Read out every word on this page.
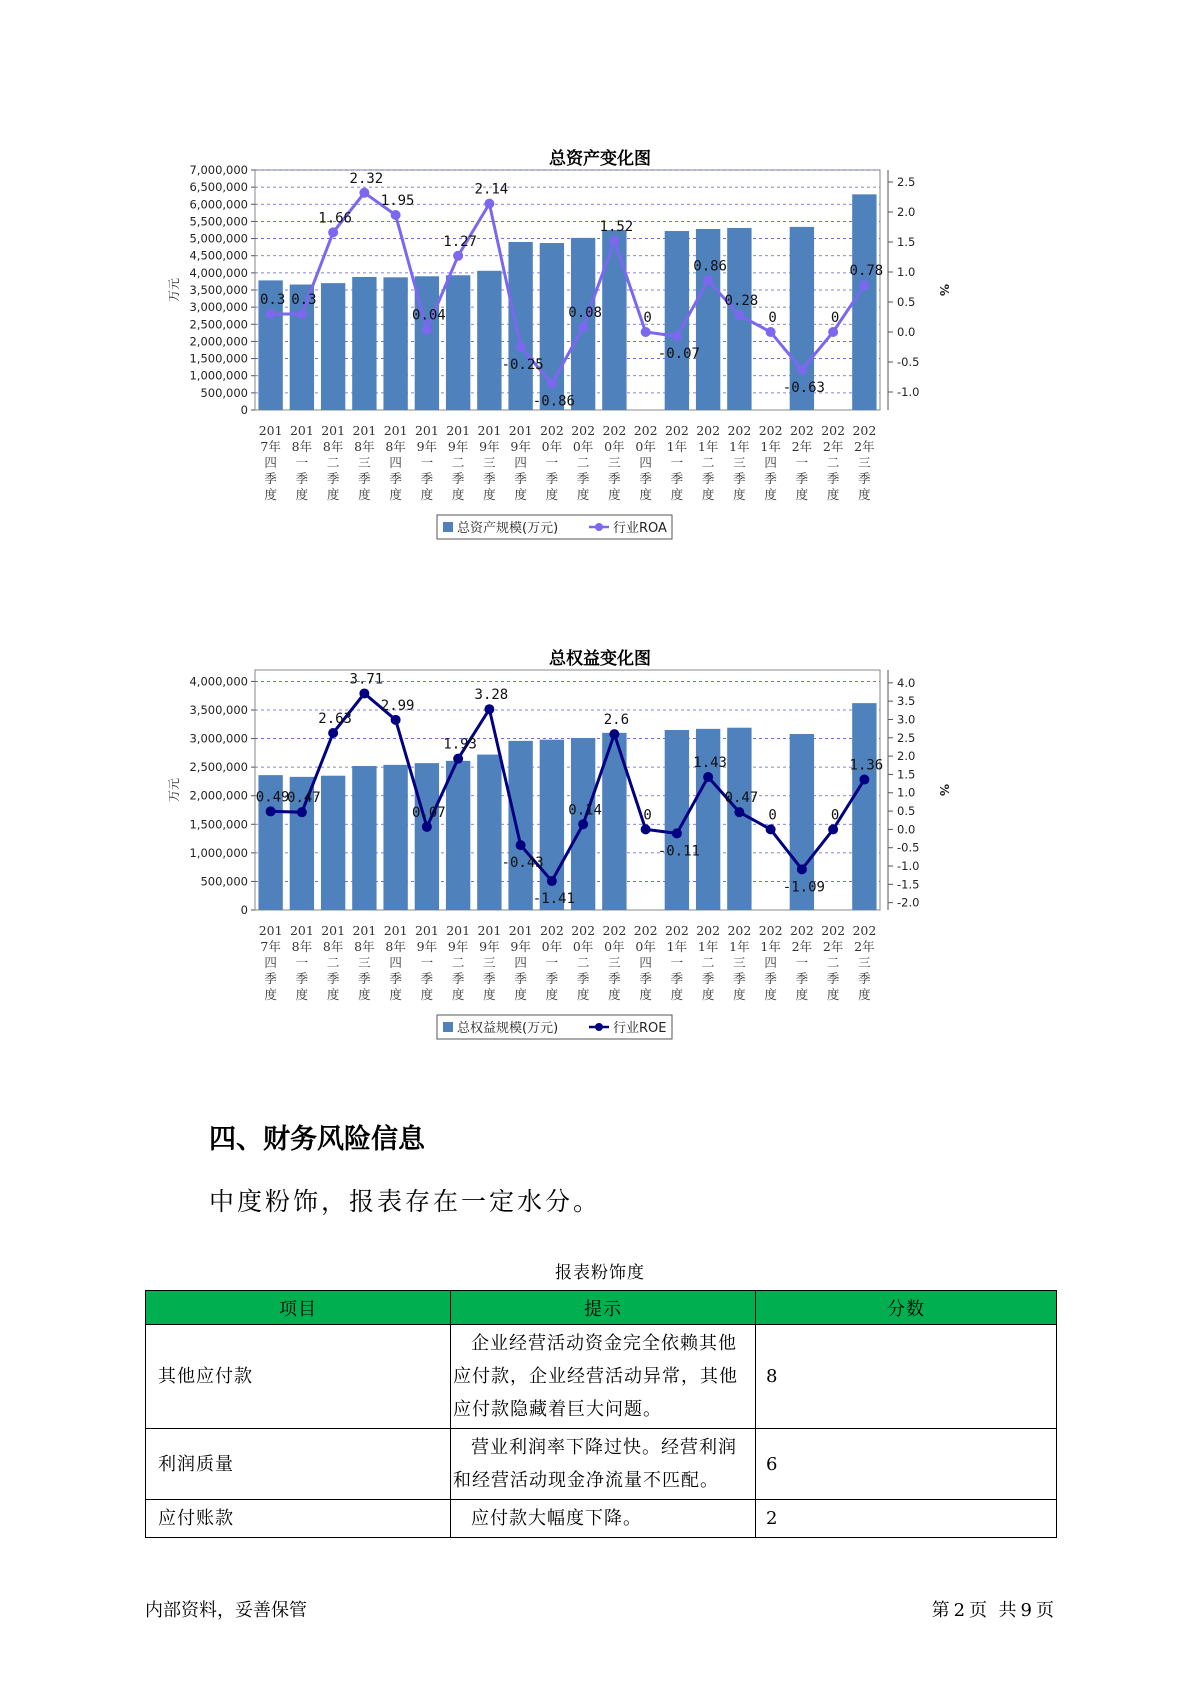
总资产变化图
0
500,000
1,000,000
1,500,000
2,000,000
2,500,000
3,000,000
3,500,000
4,000,000
4,500,000
5,000,000
5,500,000
6,000,000
6,500,000
7,000,000
万元
-1.0
-0.5
0.0
0.5
1.0
1.5
2.0
2.5
%
0.3 0.3
1.66
2.32
1.95
0.04
1.27
2.14
-0.25
-0.86
0.08
1.52
0
-0.07
0.86
0.28
0
-0.63
0
0.78
201
7年
四
季
度
201
8年
一
季
度
201
8年
二
季
度
201
8年
三
季
度
201
8年
四
季
度
201
9年
一
季
度
201
9年
二
季
度
201
9年
三
季
度
201
9年
四
季
度
202
0年
一
季
度
202
0年
二
季
度
202
0年
三
季
度
202
0年
四
季
度
202
1年
一
季
度
202
1年
二
季
度
202
1年
三
季
度
202
1年
四
季
度
202
2年
一
季
度
202
2年
二
季
度
202
2年
三
季
度
总资产规模(万元)	行业ROA
总权益变化图
0
500,000
1,000,000
1,500,000
2,000,000
2,500,000
3,000,000
3,500,000
4,000,000
万元
-2.0
-1.5
-1.0
-0.5
0.0
0.5
1.0
1.5
2.0
2.5
3.0
3.5
4.0
%
0.49
0.47
2.63
3.71
2.99
0.07
1.93
3.28
-0.43
-1.41
0.14
2.6
0
-0.11
1.43
0.47
0
-1.09
0
1.36
201
7年
四
季
度
201
8年
一
季
度
201
8年
二
季
度
201
8年
三
季
度
201
8年
四
季
度
201
9年
一
季
度
201
9年
二
季
度
201
9年
三
季
度
201
9年
四
季
度
202
0年
一
季
度
202
0年
二
季
度
202
0年
三
季
度
202
0年
四
季
度
202
1年
一
季
度
202
1年
二
季
度
202
1年
三
季
度
202
1年
四
季
度
202
2年
一
季
度
202
2年
二
季
度
202
2年
三
季
度
总权益规模(万元)	行业ROE
四、财务风险信息
中度粉饰，报表存在一定水分。
报表粉饰度
项目	提示	分数
其他应付款	企业经营活动资金完全依赖其他应付款，企业经营活动异常，其他应付款隐藏着巨大问题。	8
利润质量	营业利润率下降过快。经营利润和经营活动现金净流量不匹配。	6
应付账款	应付款大幅度下降。	2
内部资料，妥善保管	第 2 页  共 9 页
